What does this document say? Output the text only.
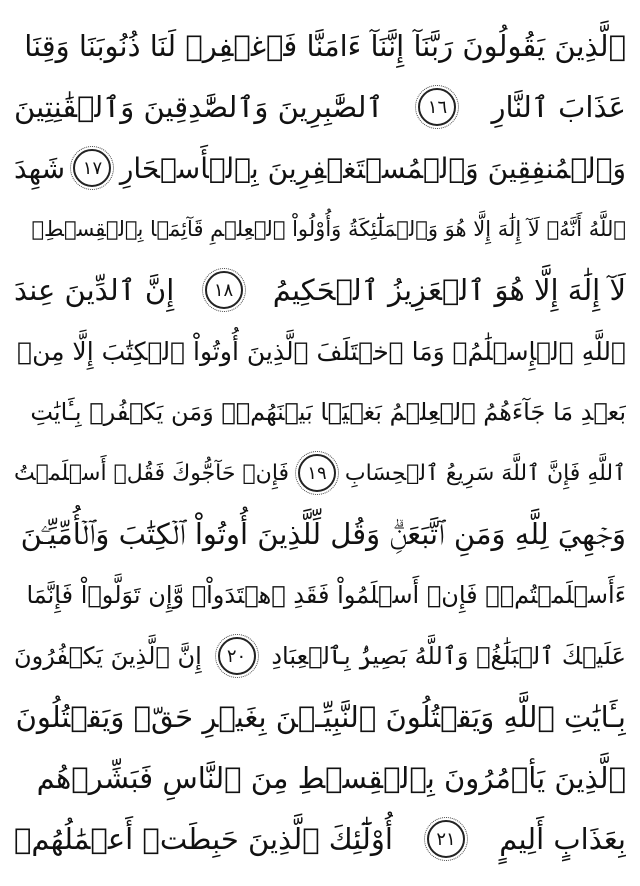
ٱلَّذِينَ يَقُولُونَ رَبَّنَآ إِنَّنَآ ءَامَنَّا فَٱغۡفِرۡ لَنَا ذُنُوبَنَا وَقِنَا
عَذَابَ ٱلنَّارِ
١٦
ٱلصَّٰبِرِينَ وَٱلصَّٰدِقِينَ وَٱلۡقَٰنِتِينَ
وَٱلۡمُنفِقِينَ وَٱلۡمُسۡتَغۡفِرِينَ بِٱلۡأَسۡحَارِ
١٧
شَهِدَ
ٱللَّهُ أَنَّهُۥ لَآ إِلَٰهَ إِلَّا هُوَ وَٱلۡمَلَٰٓئِكَةُ وَأُوْلُواْ ٱلۡعِلۡمِ قَآئِمَۢا بِٱلۡقِسۡطِۚ
لَآ إِلَٰهَ إِلَّا هُوَ ٱلۡعَزِيزُ ٱلۡحَكِيمُ
١٨
إِنَّ ٱلدِّينَ عِندَ
ٱللَّهِ ٱلۡإِسۡلَٰمُۗ وَمَا ٱخۡتَلَفَ ٱلَّذِينَ أُوتُواْ ٱلۡكِتَٰبَ إِلَّا مِنۢ
بَعۡدِ مَا جَآءَهُمُ ٱلۡعِلۡمُ بَغۡيَۢا بَيۡنَهُمۡۗ وَمَن يَكۡفُرۡ بِـَٔايَٰتِ
ٱللَّهِ فَإِنَّ ٱللَّهَ سَرِيعُ ٱلۡحِسَابِ
١٩
فَإِنۡ حَآجُّوكَ فَقُلۡ أَسۡلَمۡتُ
وَجۡهِيَ لِلَّهِ وَمَنِ ٱتَّبَعَنِۗ وَقُل لِّلَّذِينَ أُوتُواْ ٱلۡكِتَٰبَ وَٱلۡأُمِّيِّـۧنَ
ءَأَسۡلَمۡتُمۡۚ فَإِنۡ أَسۡلَمُواْ فَقَدِ ٱهۡتَدَواْۖ وَّإِن تَوَلَّوۡاْ فَإِنَّمَا
عَلَيۡكَ ٱلۡبَلَٰغُۗ وَٱللَّهُ بَصِيرُۢ بِٱلۡعِبَادِ
٢٠
إِنَّ ٱلَّذِينَ يَكۡفُرُونَ
بِـَٔايَٰتِ ٱللَّهِ وَيَقۡتُلُونَ ٱلنَّبِيِّـۧنَ بِغَيۡرِ حَقّٖ وَيَقۡتُلُونَ
ٱلَّذِينَ يَأۡمُرُونَ بِٱلۡقِسۡطِ مِنَ ٱلنَّاسِ فَبَشِّرۡهُم
بِعَذَابٍ أَلِيمٍ
٢١
أُوْلَٰٓئِكَ ٱلَّذِينَ حَبِطَتۡ أَعۡمَٰلُهُمۡ
